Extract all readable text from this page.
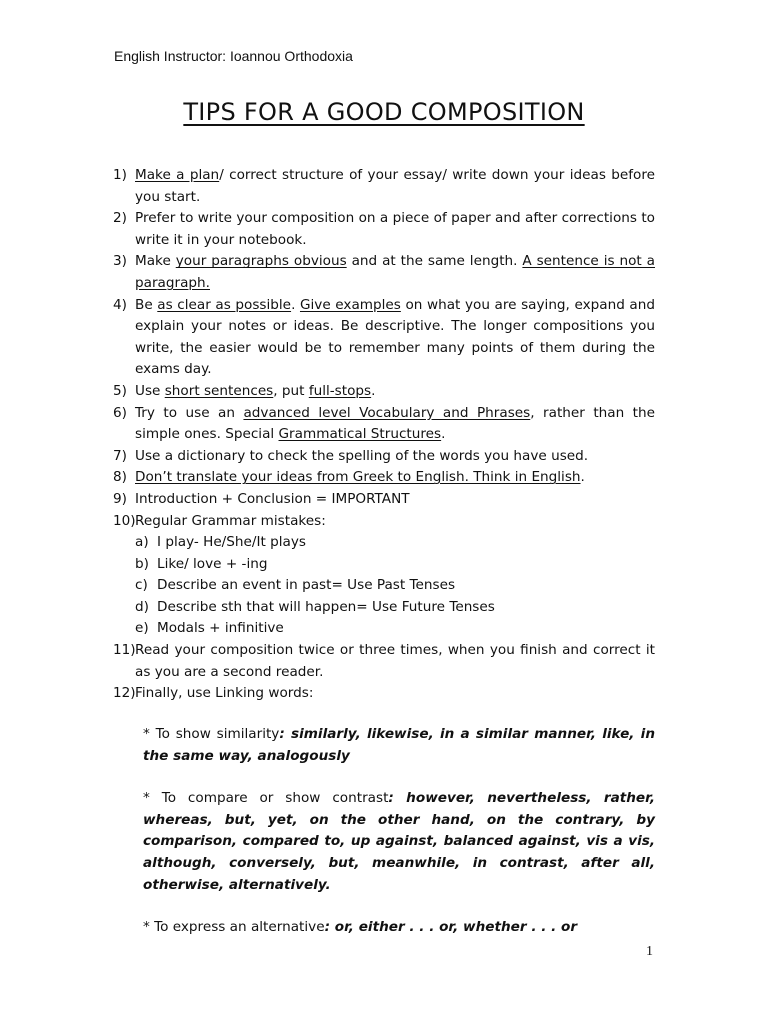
English Instructor: Ioannou Orthodoxia
TIPS FOR A GOOD COMPOSITION
1) Make a plan/ correct structure of your essay/ write down your ideas before you start.
2) Prefer to write your composition on a piece of paper and after corrections to write it in your notebook.
3) Make your paragraphs obvious and at the same length. A sentence is not a paragraph.
4) Be as clear as possible. Give examples on what you are saying, expand and explain your notes or ideas. Be descriptive. The longer compositions you write, the easier would be to remember many points of them during the exams day.
5) Use short sentences, put full-stops.
6) Try to use an advanced level Vocabulary and Phrases, rather than the simple ones. Special Grammatical Structures.
7) Use a dictionary to check the spelling of the words you have used.
8) Don’t translate your ideas from Greek to English. Think in English.
9) Introduction + Conclusion = IMPORTANT
10) Regular Grammar mistakes:
a) I play- He/She/It plays
b) Like/ love + -ing
c) Describe an event in past= Use Past Tenses
d) Describe sth that will happen= Use Future Tenses
e) Modals + infinitive
11) Read your composition twice or three times, when you finish and correct it as you are a second reader.
12) Finally, use Linking words:

* To show similarity: similarly, likewise, in a similar manner, like, in the same way, analogously

* To compare or show contrast: however, nevertheless, rather, whereas, but, yet, on the other hand, on the contrary, by comparison, compared to, up against, balanced against, vis a vis, although, conversely, but, meanwhile, in contrast, after all, otherwise, alternatively.

* To express an alternative: or, either . . . or, whether . . . or

1
